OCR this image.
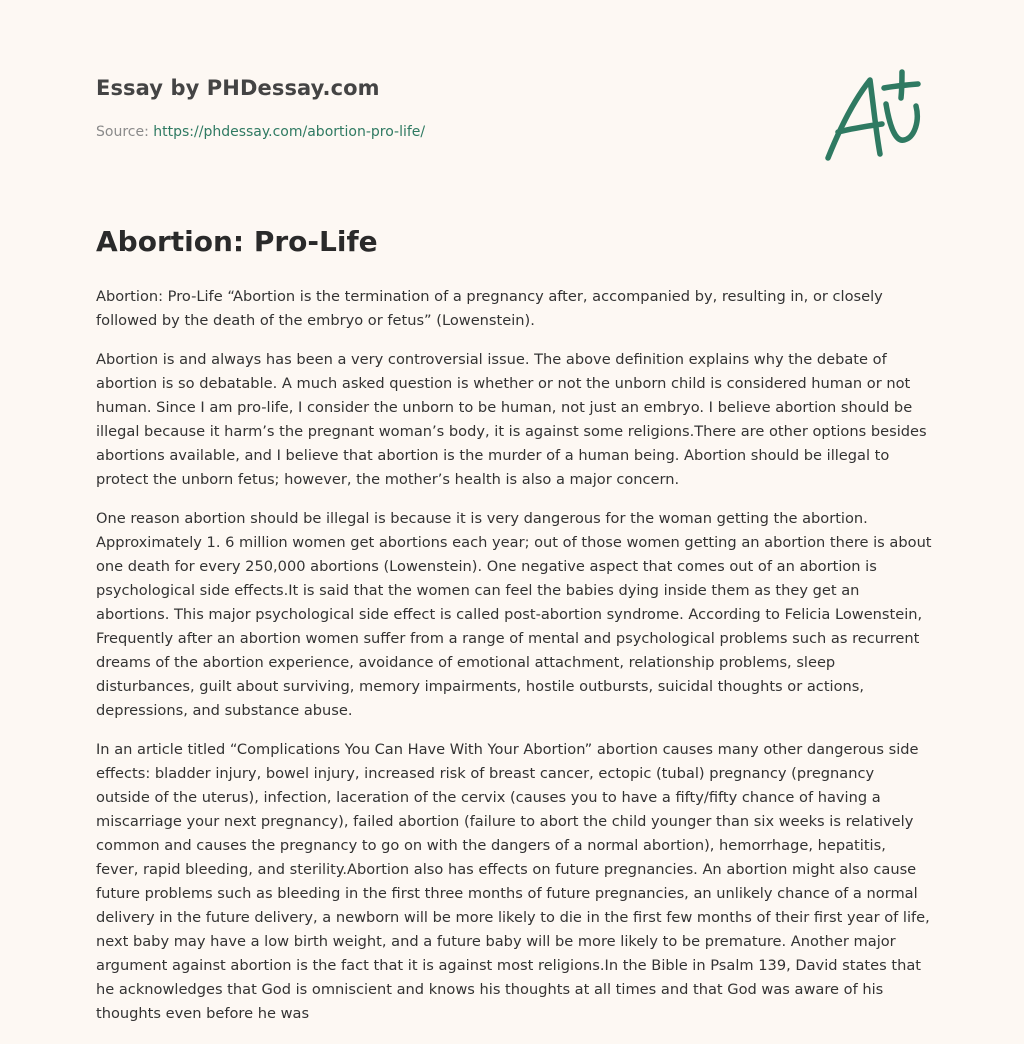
Essay by PHDessay.com
Source: https://phdessay.com/abortion-pro-life/
Abortion: Pro-Life

Abortion: Pro-Life “Abortion is the termination of a pregnancy after, accompanied by, resulting in, or closely followed by the death of the embryo or fetus” (Lowenstein).

Abortion is and always has been a very controversial issue. The above definition explains why the debate of abortion is so debatable. A much asked question is whether or not the unborn child is considered human or not human. Since I am pro-life, I consider the unborn to be human, not just an embryo. I believe abortion should be illegal because it harm’s the pregnant woman’s body, it is against some religions.There are other options besides abortions available, and I believe that abortion is the murder of a human being. Abortion should be illegal to protect the unborn fetus; however, the mother’s health is also a major concern.

One reason abortion should be illegal is because it is very dangerous for the woman getting the abortion. Approximately 1. 6 million women get abortions each year; out of those women getting an abortion there is about one death for every 250,000 abortions (Lowenstein). One negative aspect that comes out of an abortion is psychological side effects.It is said that the women can feel the babies dying inside them as they get an abortions. This major psychological side effect is called post-abortion syndrome. According to Felicia Lowenstein, Frequently after an abortion women suffer from a range of mental and psychological problems such as recurrent dreams of the abortion experience, avoidance of emotional attachment, relationship problems, sleep disturbances, guilt about surviving, memory impairments, hostile outbursts, suicidal thoughts or actions, depressions, and substance abuse.

In an article titled “Complications You Can Have With Your Abortion” abortion causes many other dangerous side effects: bladder injury, bowel injury, increased risk of breast cancer, ectopic (tubal) pregnancy (pregnancy outside of the uterus), infection, laceration of the cervix (causes you to have a fifty/fifty chance of having a miscarriage your next pregnancy), failed abortion (failure to abort the child younger than six weeks is relatively common and causes the pregnancy to go on with the dangers of a normal abortion), hemorrhage, hepatitis, fever, rapid bleeding, and sterility.Abortion also has effects on future pregnancies. An abortion might also cause future problems such as bleeding in the first three months of future pregnancies, an unlikely chance of a normal delivery in the future delivery, a newborn will be more likely to die in the first few months of their first year of life, next baby may have a low birth weight, and a future baby will be more likely to be premature. Another major argument against abortion is the fact that it is against most religions.In the Bible in Psalm 139, David states that he acknowledges that God is omniscient and knows his thoughts at all times and that God was aware of his thoughts even before he was
